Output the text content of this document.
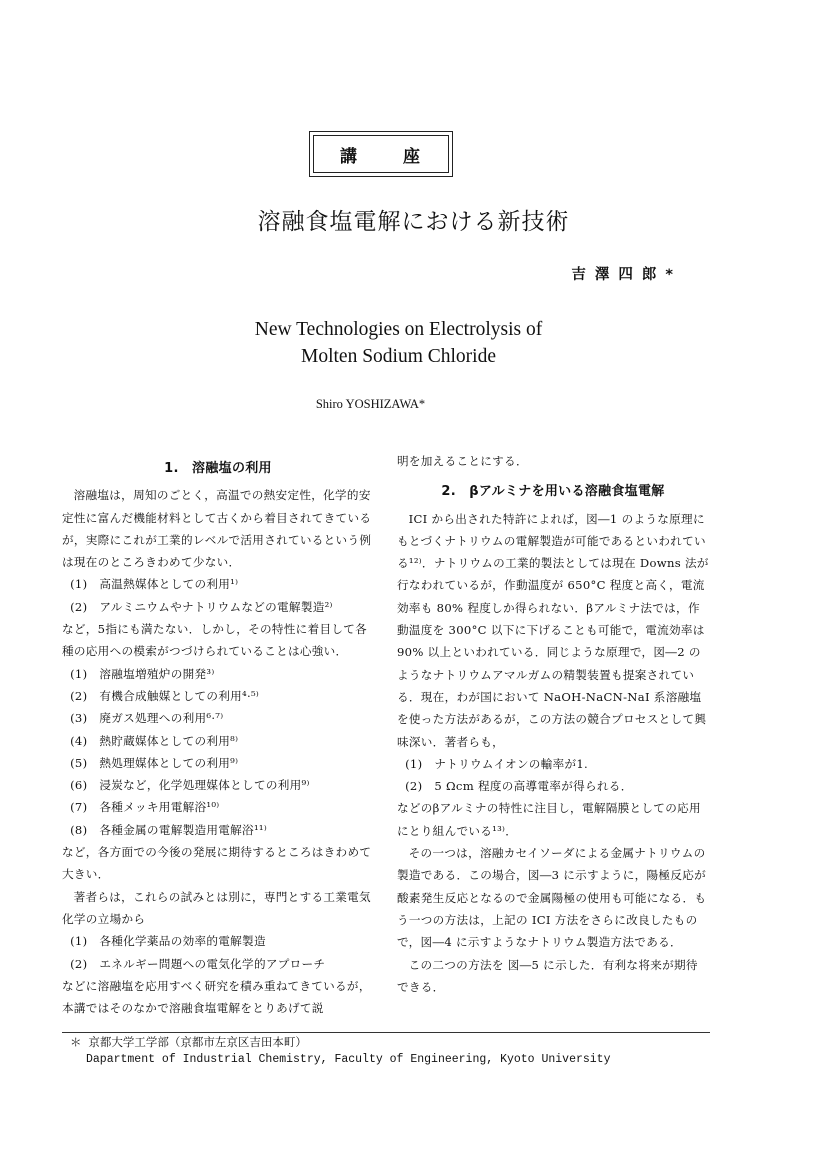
講	座
溶融食塩電解における新技術
吉澤四郎*
New Technologies on Electrolysis of
Molten Sodium Chloride
Shiro YOSHIZAWA*

1.　溶融塩の利用

溶融塩は，周知のごとく，高温での熱安定性，化学的安定性に富んだ機能材料として古くから着目されてきているが，実際にこれが工業的レベルで活用されているという例は現在のところきわめて少ない．

(1)　高温熱媒体としての利用¹⁾

(2)　アルミニウムやナトリウムなどの電解製造²⁾

など，5指にも満たない．しかし，その特性に着目して各種の応用への模索がつづけられていることは心強い．

(1)　溶融塩増殖炉の開発³⁾

(2)　有機合成触媒としての利用⁴·⁵⁾

(3)　廃ガス処理への利用⁶·⁷⁾

(4)　熱貯蔵媒体としての利用⁸⁾

(5)　熱処理媒体としての利用⁹⁾

(6)　浸炭など，化学処理媒体としての利用⁹⁾

(7)　各種メッキ用電解浴¹⁰⁾

(8)　各種金属の電解製造用電解浴¹¹⁾

など，各方面での今後の発展に期待するところはきわめて大きい．

著者らは，これらの試みとは別に，専門とする工業電気化学の立場から

(1)　各種化学薬品の効率的電解製造

(2)　エネルギー問題への電気化学的アプローチ

などに溶融塩を応用すべく研究を積み重ねてきているが，本講ではそのなかで溶融食塩電解をとりあげて説

明を加えることにする．

2.　βアルミナを用いる溶融食塩電解

ICI から出された特許によれば，図―1 のような原理にもとづくナトリウムの電解製造が可能であるといわれている¹²⁾．ナトリウムの工業的製法としては現在 Downs 法が行なわれているが，作動温度が 650°C 程度と高く，電流効率も 80% 程度しか得られない．βアルミナ法では，作動温度を 300°C 以下に下げることも可能で，電流効率は 90% 以上といわれている．同じような原理で，図―2 のようなナトリウムアマルガムの精製装置も提案されている．現在，わが国において NaOH-NaCN-NaI 系溶融塩を使った方法があるが，この方法の競合プロセスとして興味深い．著者らも，

(1)　ナトリウムイオンの輸率が1.

(2)　5 Ωcm 程度の高導電率が得られる．

などのβアルミナの特性に注目し，電解隔膜としての応用にとり組んでいる¹³⁾．

その一つは，溶融カセイソーダによる金属ナトリウムの製造である．この場合，図―3 に示すように，陽極反応が酸素発生反応となるので金属陽極の使用も可能になる．もう一つの方法は，上記の ICI 方法をさらに改良したもので，図―4 に示すようなナトリウム製造方法である．

この二つの方法を 図―5 に示した．有利な将来が期待できる．

＊ 京都大学工学部（京都市左京区吉田本町）
Dapartment of Industrial Chemistry, Faculty of Engineering, Kyoto University
